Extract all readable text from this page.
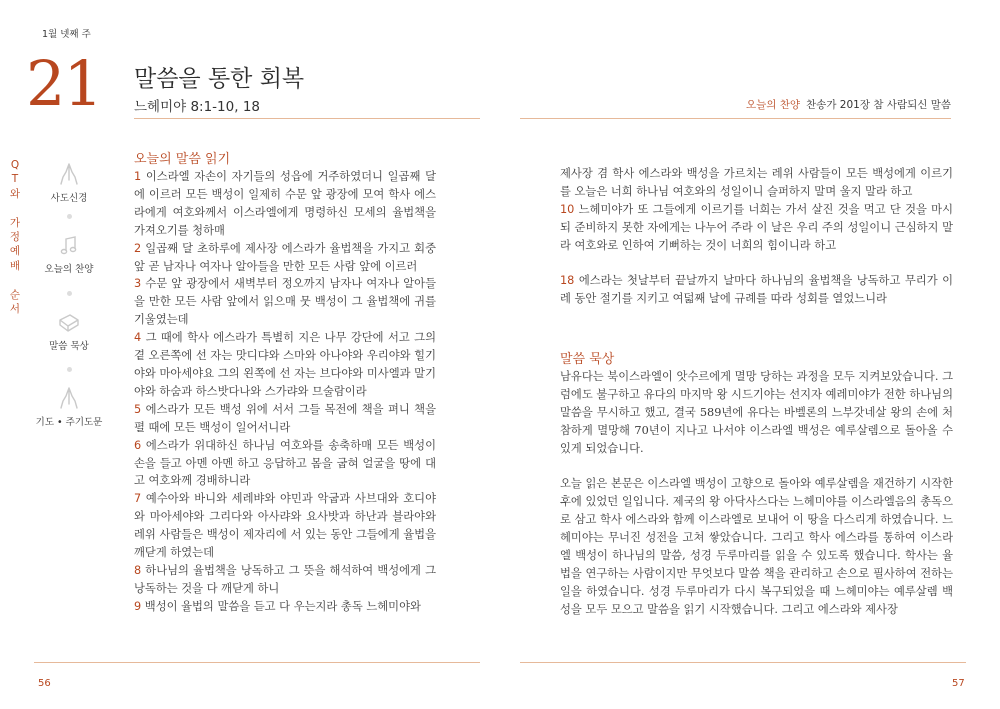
1월 넷째 주
21 말씀을 통한 회복
느헤미야 8:1-10, 18	오늘의 찬양 찬송가 201장 참 사람되신 말씀
Q
T
와

가
정
예
배

순
서
사도신경
오늘의 찬양
말씀 묵상
기도 • 주기도문
오늘의 말씀 읽기

1 이스라엘 자손이 자기들의 성읍에 거주하였더니 일곱째 달에 이르러 모든 백성이 일제히 수문 앞 광장에 모여 학사 에스라에게 여호와께서 이스라엘에게 명령하신 모세의 율법책을 가져오기를 청하매

2 일곱째 달 초하루에 제사장 에스라가 율법책을 가지고 회중 앞 곧 남자나 여자나 알아들을 만한 모든 사람 앞에 이르러

3 수문 앞 광장에서 새벽부터 정오까지 남자나 여자나 알아들을 만한 모든 사람 앞에서 읽으매 뭇 백성이 그 율법책에 귀를 기울였는데

4 그 때에 학사 에스라가 특별히 지은 나무 강단에 서고 그의 곁 오른쪽에 선 자는 맛디댜와 스마와 아나야와 우리야와 힐기야와 마아세야요 그의 왼쪽에 선 자는 브다야와 미사엘과 말기야와 하숨과 하스밧다나와 스가랴와 므술람이라

5 에스라가 모든 백성 위에 서서 그들 목전에 책을 펴니 책을 펼 때에 모든 백성이 일어서니라

6 에스라가 위대하신 하나님 여호와를 송축하매 모든 백성이 손을 들고 아멘 아멘 하고 응답하고 몸을 굽혀 얼굴을 땅에 대고 여호와께 경배하니라

7 예수아와 바니와 세레뱌와 야민과 악굽과 사브대와 호디야와 마아세야와 그리다와 아사랴와 요사밧과 하난과 블라야와 레위 사람들은 백성이 제자리에 서 있는 동안 그들에게 율법을 깨닫게 하였는데

8 하나님의 율법책을 낭독하고 그 뜻을 해석하여 백성에게 그 낭독하는 것을 다 깨닫게 하니

9 백성이 율법의 말씀을 듣고 다 우는지라 총독 느헤미야와

제사장 겸 학사 에스라와 백성을 가르치는 레위 사람들이 모든 백성에게 이르기를 오늘은 너희 하나님 여호와의 성일이니 슬퍼하지 말며 울지 말라 하고

10 느헤미야가 또 그들에게 이르기를 너희는 가서 살진 것을 먹고 단 것을 마시되 준비하지 못한 자에게는 나누어 주라 이 날은 우리 주의 성일이니 근심하지 말라 여호와로 인하여 기뻐하는 것이 너희의 힘이니라 하고

18 에스라는 첫날부터 끝날까지 날마다 하나님의 율법책을 낭독하고 무리가 이레 동안 절기를 지키고 여덟째 날에 규례를 따라 성회를 열었느니라

말씀 묵상

남유다는 북이스라엘이 앗수르에게 멸망 당하는 과정을 모두 지켜보았습니다. 그럼에도 불구하고 유다의 마지막 왕 시드기야는 선지자 예레미야가 전한 하나님의 말씀을 무시하고 했고, 결국 589년에 유다는 바벨론의 느부갓네살 왕의 손에 처참하게 멸망해 70년이 지나고 나서야 이스라엘 백성은 예루살렘으로 돌아올 수 있게 되었습니다.

오늘 읽은 본문은 이스라엘 백성이 고향으로 돌아와 예루살렘을 재건하기 시작한 후에 있었던 일입니다. 제국의 왕 아닥사스다는 느헤미야를 이스라엘음의 총독으로 삼고 학사 에스라와 함께 이스라엘로 보내어 이 땅을 다스리게 하였습니다. 느헤미야는 무너진 성전을 고쳐 쌓았습니다. 그리고 학사 에스라를 통하여 이스라엘 백성이 하나님의 말씀, 성경 두루마리를 읽을 수 있도록 했습니다. 학사는 율법을 연구하는 사람이지만 무엇보다 말씀 책을 관리하고 손으로 필사하여 전하는 일을 하였습니다. 성경 두루마리가 다시 복구되었을 때 느헤미야는 예루살렘 백성을 모두 모으고 말씀을 읽기 시작했습니다. 그리고 에스라와 제사장

56	57
